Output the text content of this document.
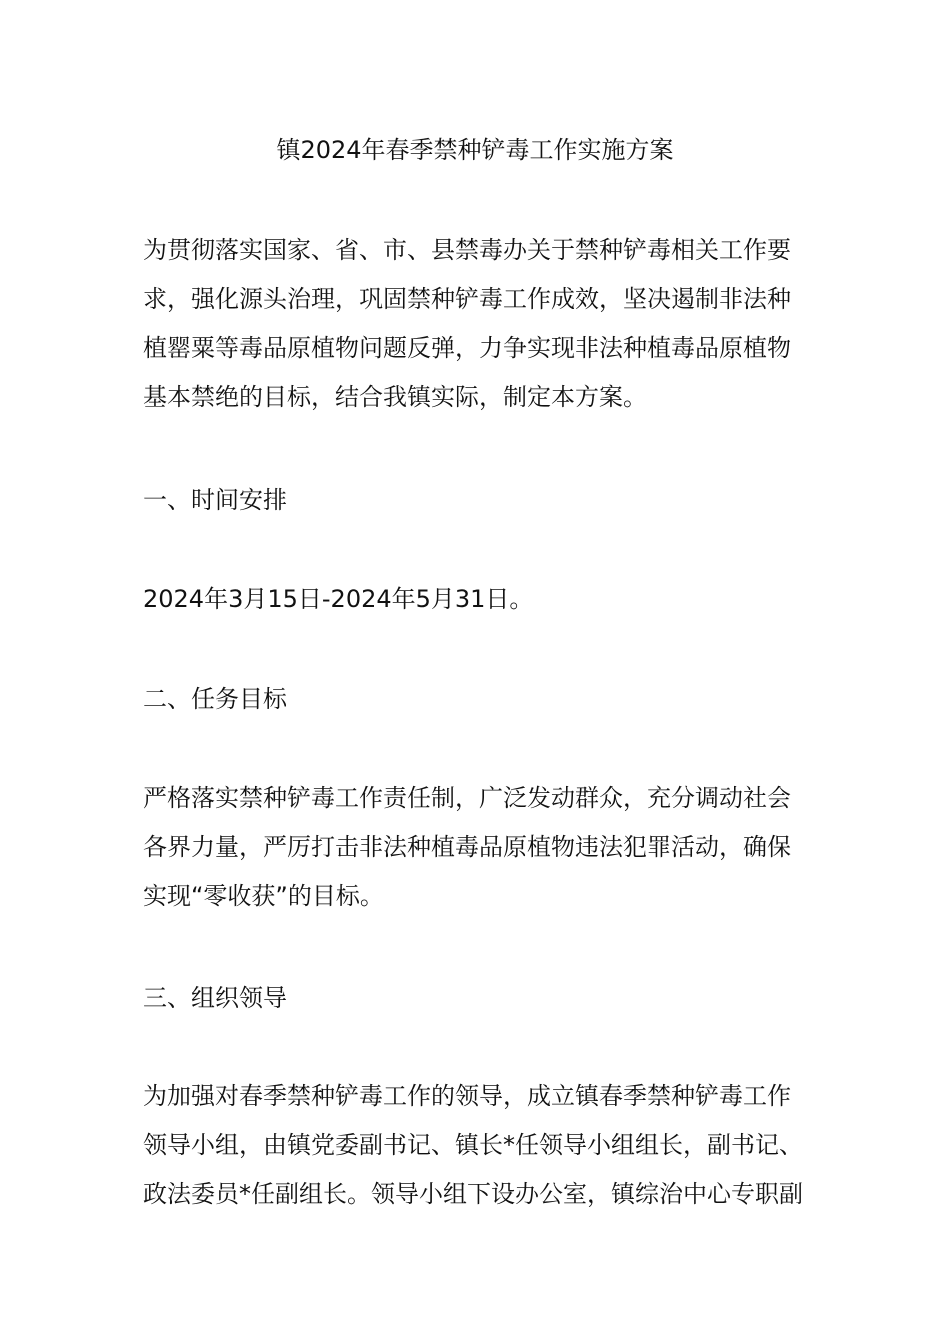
镇2024年春季禁种铲毒工作实施方案
为贯彻落实国家、省、市、县禁毒办关于禁种铲毒相关工作要
求，强化源头治理，巩固禁种铲毒工作成效，坚决遏制非法种
植罂粟等毒品原植物问题反弹，力争实现非法种植毒品原植物
基本禁绝的目标，结合我镇实际，制定本方案。
一、时间安排

2024年3月15日-2024年5月31日。

二、任务目标
严格落实禁种铲毒工作责任制，广泛发动群众，充分调动社会
各界力量，严厉打击非法种植毒品原植物违法犯罪活动，确保
实现“零收获”的目标。
三、组织领导
为加强对春季禁种铲毒工作的领导，成立镇春季禁种铲毒工作
领导小组，由镇党委副书记、镇长*任领导小组组长，副书记、
政法委员*任副组长。领导小组下设办公室，镇综治中心专职副
